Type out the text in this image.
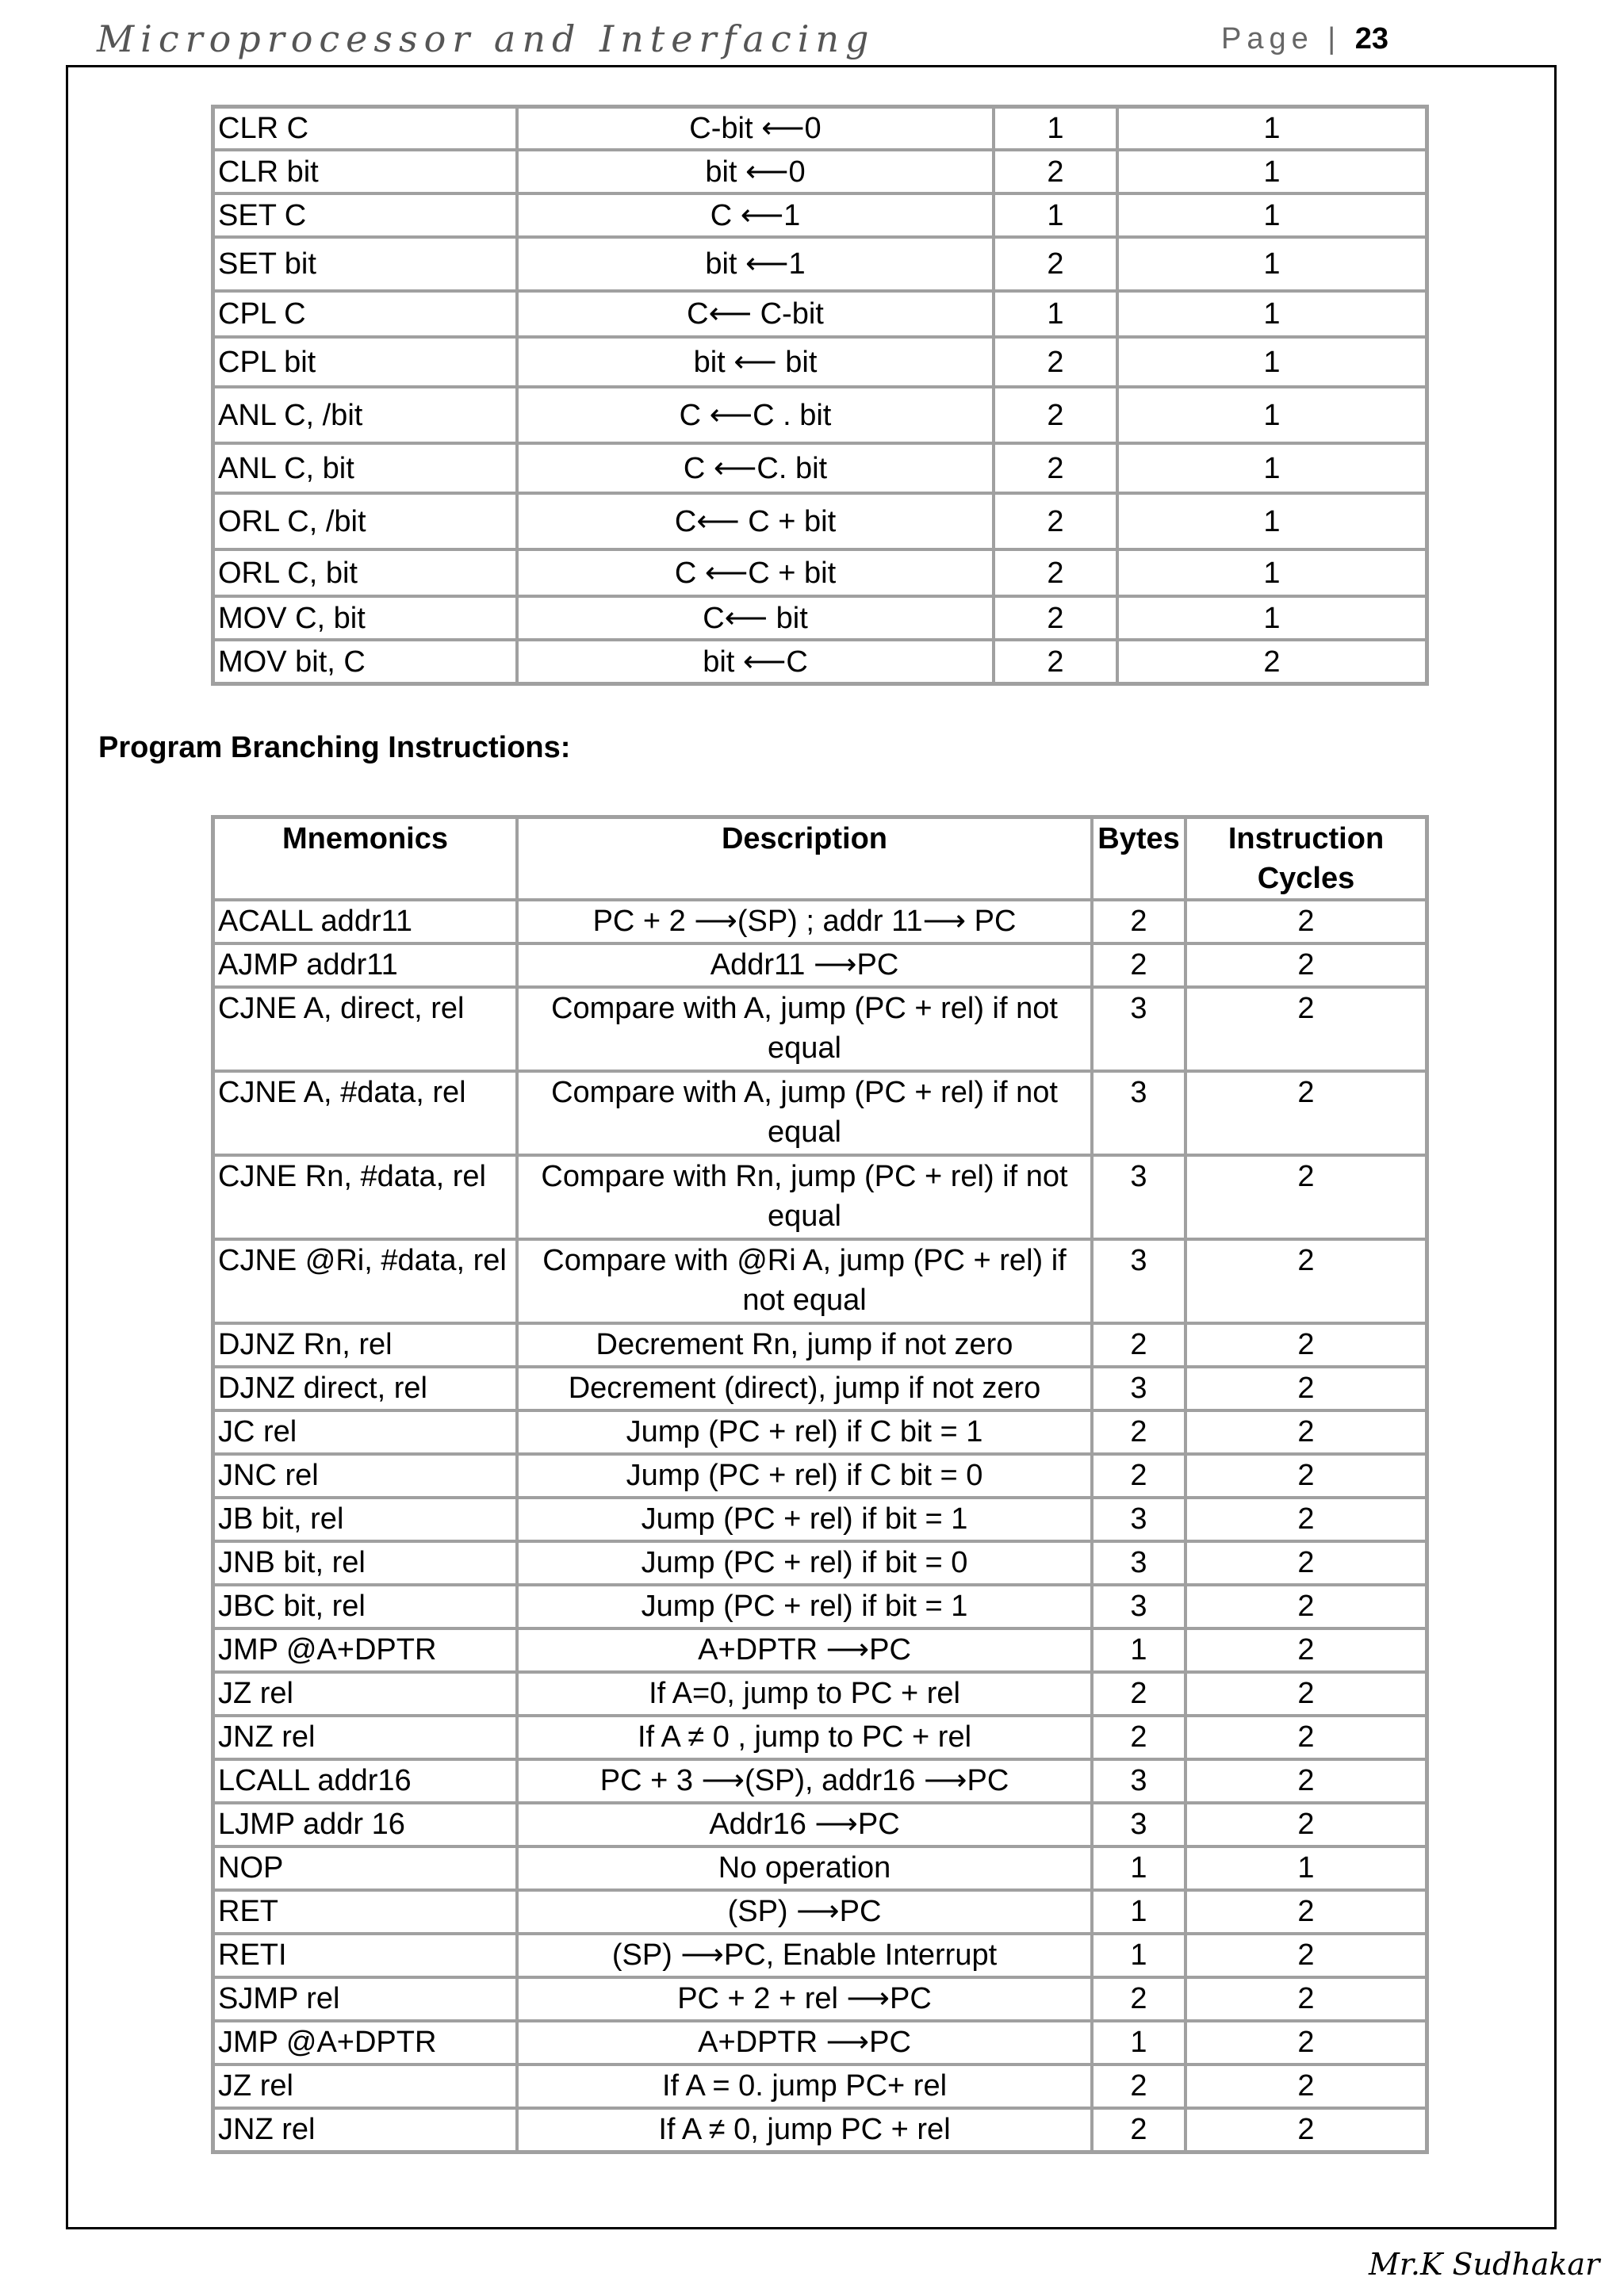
Microprocessor and Interfacing	Page | 23
CLR C	C-bit ⟵0	1	1
CLR bit	bit ⟵0	2	1
SET C	C ⟵1	1	1
SET bit	bit ⟵1	2	1
CPL C	C⟵ C-bit	1	1
CPL bit	bit ⟵ bit	2	1
ANL C, /bit	C ⟵C . bit	2	1
ANL C, bit	C ⟵C. bit	2	1
ORL C, /bit	C⟵ C + bit	2	1
ORL C, bit	C ⟵C + bit	2	1
MOV C, bit	C⟵ bit	2	1
MOV bit, C	bit ⟵C	2	2
Program Branching Instructions:
Mnemonics	Description	Bytes	Instruction Cycles
ACALL addr11	PC + 2 ⟶(SP) ; addr 11⟶ PC	2	2
AJMP addr11	Addr11 ⟶PC	2	2
CJNE A, direct, rel	Compare with A, jump (PC + rel) if not equal	3	2
CJNE A, #data, rel	Compare with A, jump (PC + rel) if not equal	3	2
CJNE Rn, #data, rel	Compare with Rn, jump (PC + rel) if not equal	3	2
CJNE @Ri, #data, rel	Compare with @Ri A, jump (PC + rel) if not equal	3	2
DJNZ Rn, rel	Decrement Rn, jump if not zero	2	2
DJNZ direct, rel	Decrement (direct), jump if not zero	3	2
JC rel	Jump (PC + rel) if C bit = 1	2	2
JNC rel	Jump (PC + rel) if C bit = 0	2	2
JB bit, rel	Jump (PC + rel) if bit = 1	3	2
JNB bit, rel	Jump (PC + rel) if bit = 0	3	2
JBC bit, rel	Jump (PC + rel) if bit = 1	3	2
JMP @A+DPTR	A+DPTR ⟶PC	1	2
JZ rel	If A=0, jump to PC + rel	2	2
JNZ rel	If A ≠ 0 , jump to PC + rel	2	2
LCALL addr16	PC + 3 ⟶(SP), addr16 ⟶PC	3	2
LJMP addr 16	Addr16 ⟶PC	3	2
NOP	No operation	1	1
RET	(SP) ⟶PC	1	2
RETI	(SP) ⟶PC, Enable Interrupt	1	2
SJMP rel	PC + 2 + rel ⟶PC	2	2
JMP @A+DPTR	A+DPTR ⟶PC	1	2
JZ rel	If A = 0. jump PC+ rel	2	2
JNZ rel	If A ≠ 0, jump PC + rel	2	2
Mr.K Sudhakar
